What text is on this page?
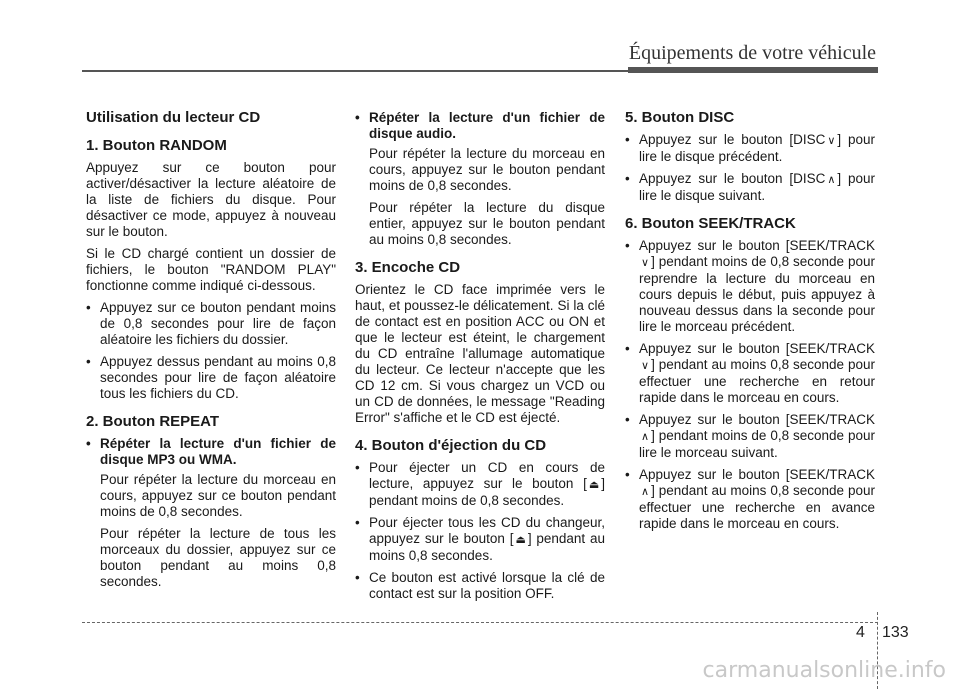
Équipements de votre véhicule
Utilisation du lecteur CD
1. Bouton RANDOM

Appuyez sur ce bouton pour activer/désactiver la lecture aléatoire de la liste de fichiers du disque. Pour désactiver ce mode, appuyez à nouveau sur le bouton.

Si le CD chargé contient un dossier de fichiers, le bouton "RANDOM PLAY" fonctionne comme indiqué ci-dessous.

• Appuyez sur ce bouton pendant moins de 0,8 secondes pour lire de façon aléatoire les fichiers du dossier.
• Appuyez dessus pendant au moins 0,8 secondes pour lire de façon aléatoire tous les fichiers du CD.
2. Bouton REPEAT
• Répéter la lecture d'un fichier de disque MP3 ou WMA.

Pour répéter la lecture du morceau en cours, appuyez sur ce bouton pendant moins de 0,8 secondes.

Pour répéter la lecture de tous les morceaux du dossier, appuyez sur ce bouton pendant au moins 0,8 secondes.

• Répéter la lecture d'un fichier de disque audio.

Pour répéter la lecture du morceau en cours, appuyez sur le bouton pendant moins de 0,8 secondes.

Pour répéter la lecture du disque entier, appuyez sur le bouton pendant au moins 0,8 secondes.

3. Encoche CD

Orientez le CD face imprimée vers le haut, et poussez-le délicatement. Si la clé de contact est en position ACC ou ON et que le lecteur est éteint, le chargement du CD entraîne l'allumage automatique du lecteur. Ce lecteur n'accepte que les CD 12 cm. Si vous chargez un VCD ou un CD de données, le message "Reading Error" s'affiche et le CD est éjecté.

4. Bouton d'éjection du CD
• Pour éjecter un CD en cours de lecture, appuyez sur le bouton [ ⏏ ] pendant moins de 0,8 secondes.
• Pour éjecter tous les CD du changeur, appuyez sur le bouton [ ⏏ ] pendant au moins 0,8 secondes.
• Ce bouton est activé lorsque la clé de contact est sur la position OFF.
5. Bouton DISC
• Appuyez sur le bouton [DISC ∨ ] pour lire le disque précédent.
• Appuyez sur le bouton [DISC ∧ ] pour lire le disque suivant.
6. Bouton SEEK/TRACK
• Appuyez sur le bouton [SEEK/TRACK∨ ] pendant moins de 0,8 seconde pour reprendre la lecture du morceau en cours depuis le début, puis appuyez à nouveau dessus dans la seconde pour lire le morceau précédent.
• Appuyez sur le bouton [SEEK/TRACK∨ ] pendant au moins 0,8 seconde pour effectuer une recherche en retour rapide dans le morceau en cours.
• Appuyez sur le bouton [SEEK/TRACK∧ ] pendant moins de 0,8 seconde pour lire le morceau suivant.
• Appuyez sur le bouton [SEEK/TRACK∧ ] pendant au moins 0,8 seconde pour effectuer une recherche en avance rapide dans le morceau en cours.
4 133
carmanualsonline.info
